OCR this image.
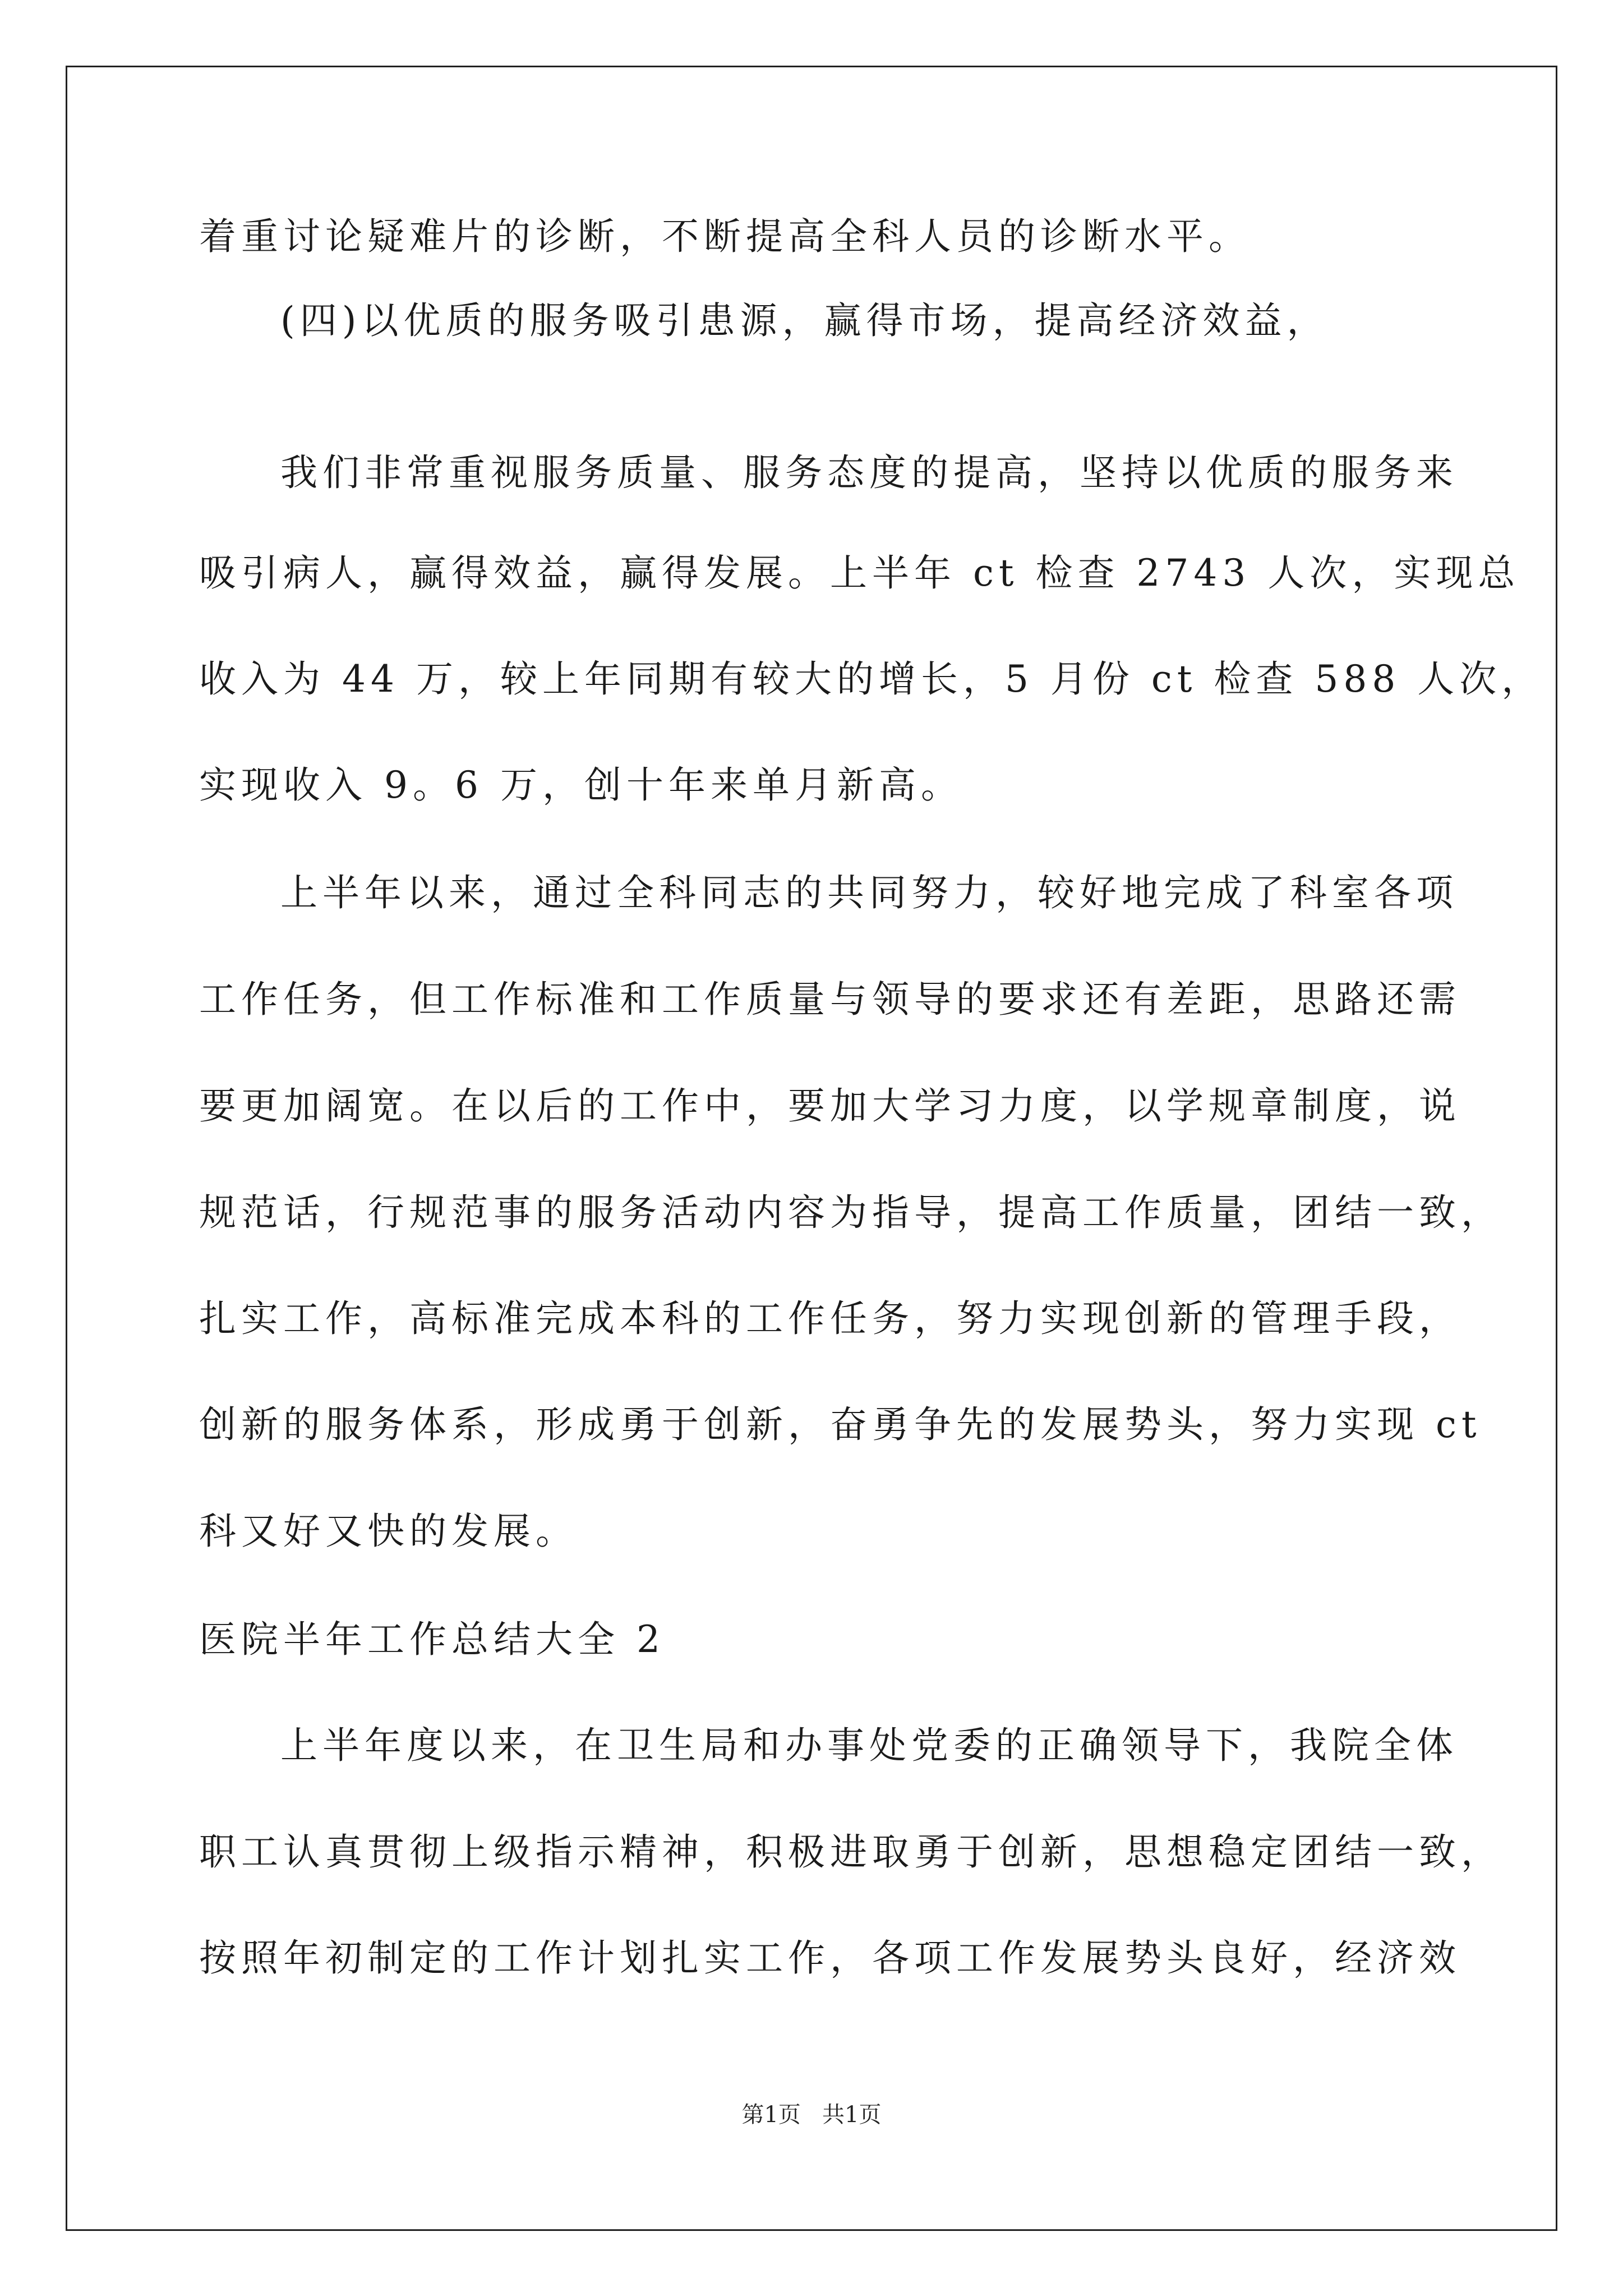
着重讨论疑难片的诊断，不断提高全科人员的诊断水平。
(四)以优质的服务吸引患源，赢得市场，提高经济效益，
我们非常重视服务质量、服务态度的提高，坚持以优质的服务来
吸引病人，赢得效益，赢得发展。上半年 ct 检查 2743 人次，实现总
收入为 44 万，较上年同期有较大的增长，5 月份 ct 检查 588 人次，
实现收入 9。6 万，创十年来单月新高。
上半年以来，通过全科同志的共同努力，较好地完成了科室各项
工作任务，但工作标准和工作质量与领导的要求还有差距，思路还需
要更加阔宽。在以后的工作中，要加大学习力度，以学规章制度，说
规范话，行规范事的服务活动内容为指导，提高工作质量，团结一致，
扎实工作，高标准完成本科的工作任务，努力实现创新的管理手段，
创新的服务体系，形成勇于创新，奋勇争先的发展势头，努力实现 ct
科又好又快的发展。
医院半年工作总结大全 2
上半年度以来，在卫生局和办事处党委的正确领导下，我院全体
职工认真贯彻上级指示精神，积极进取勇于创新，思想稳定团结一致，
按照年初制定的工作计划扎实工作，各项工作发展势头良好，经济效
第1页   共1页
